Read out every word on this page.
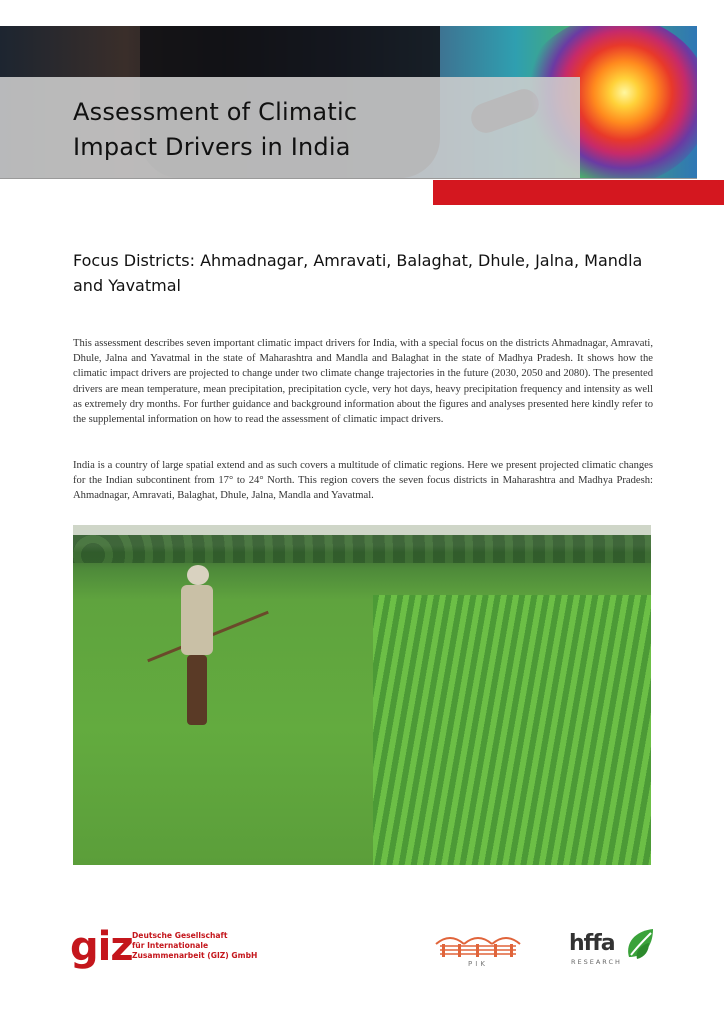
Assessment of Climatic
Impact Drivers in India
Focus Districts: Ahmadnagar, Amravati, Balaghat, Dhule, Jalna, Mandla and Yavatmal

This assessment describes seven important climatic impact drivers for India, with a special focus on the districts Ahmadnagar, Amravati, Dhule, Jalna and Yavatmal in the state of Maharashtra and Mandla and Balaghat in the state of Madhya Pradesh. It shows how the climatic impact drivers are projected to change under two climate change trajectories in the future (2030, 2050 and 2080). The presented drivers are mean temperature, mean precipitation, precipitation cycle, very hot days, heavy precipitation frequency and intensity as well as extremely dry months. For further guidance and background information about the figures and analyses presented here kindly refer to the supplemental information on how to read the assessment of climatic impact drivers.

India is a country of large spatial extend and as such covers a multitude of climatic regions. Here we present projected climatic changes for the Indian subcontinent from 17° to 24° North. This region covers the seven focus districts in Maharashtra and Madhya Pradesh: Ahmadnagar, Amravati, Balaghat, Dhule, Jalna, Mandla and Yavatmal.

giz Deutsche Gesellschaft
für Internationale
Zusammenarbeit (GIZ) GmbH
PIK
hffa
RESEARCH
